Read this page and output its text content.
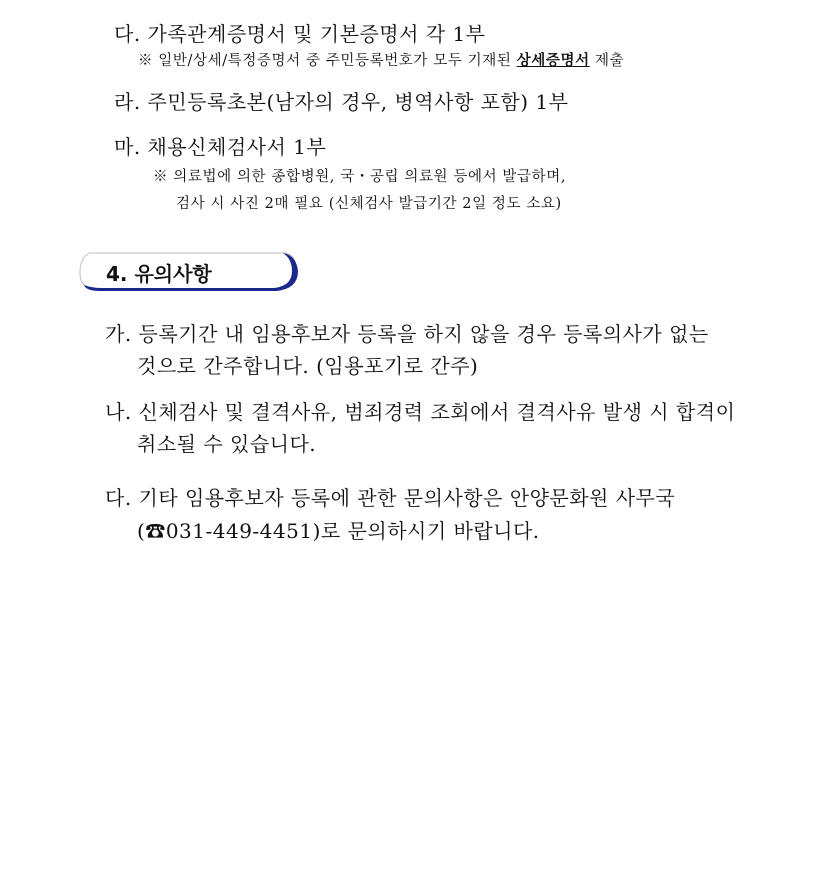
다. 가족관계증명서 및 기본증명서 각 1부
※ 일반/상세/특정증명서 중 주민등록번호가 모두 기재된 상세증명서 제출
라. 주민등록초본(남자의 경우, 병역사항 포함) 1부
마. 채용신체검사서 1부
※ 의료법에 의한 종합병원, 국・공립 의료원 등에서 발급하며,
검사 시 사진 2매 필요 (신체검사 발급기간 2일 정도 소요)
4. 유의사항
가. 등록기간 내 임용후보자 등록을 하지 않을 경우 등록의사가 없는
것으로 간주합니다. (임용포기로 간주)
나. 신체검사 및 결격사유, 범죄경력 조회에서 결격사유 발생 시 합격이
취소될 수 있습니다.
다. 기타 임용후보자 등록에 관한 문의사항은 안양문화원 사무국
(☎031-449-4451)로 문의하시기 바랍니다.
